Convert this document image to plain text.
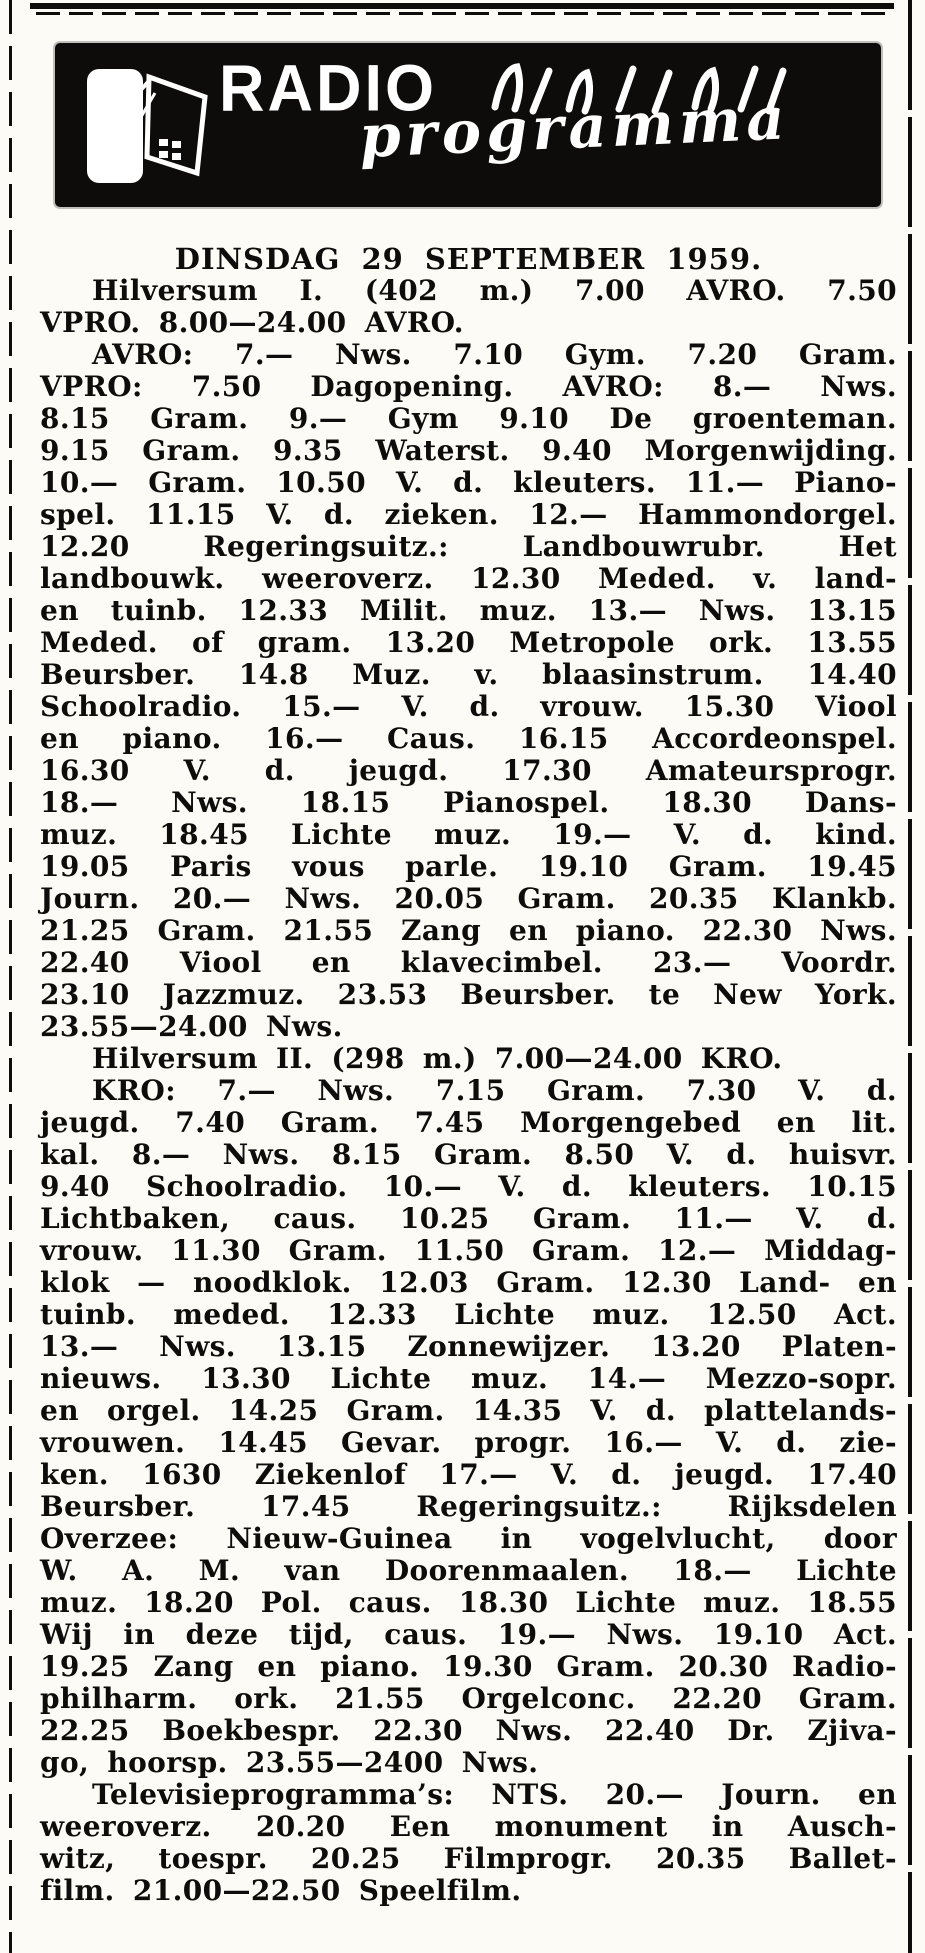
RADIO
programma
DINSDAG 29 SEPTEMBER 1959.
Hilversum I. (402 m.) 7.00 AVRO. 7.50
VPRO. 8.00—24.00 AVRO.
AVRO: 7.— Nws. 7.10 Gym. 7.20 Gram.
VPRO: 7.50 Dagopening. AVRO: 8.— Nws.
8.15 Gram. 9.— Gym 9.10 De groenteman.
9.15 Gram. 9.35 Waterst. 9.40 Morgenwijding.
10.— Gram. 10.50 V. d. kleuters. 11.— Piano-
spel. 11.15 V. d. zieken. 12.— Hammondorgel.
12.20 Regeringsuitz.: Landbouwrubr. Het
landbouwk. weeroverz. 12.30 Meded. v. land-
en tuinb. 12.33 Milit. muz. 13.— Nws. 13.15
Meded. of gram. 13.20 Metropole ork. 13.55
Beursber. 14.8 Muz. v. blaasinstrum. 14.40
Schoolradio. 15.— V. d. vrouw. 15.30 Viool
en piano. 16.— Caus. 16.15 Accordeonspel.
16.30 V. d. jeugd. 17.30 Amateursprogr.
18.— Nws. 18.15 Pianospel. 18.30 Dans-
muz. 18.45 Lichte muz. 19.— V. d. kind.
19.05 Paris vous parle. 19.10 Gram. 19.45
Journ. 20.— Nws. 20.05 Gram. 20.35 Klankb.
21.25 Gram. 21.55 Zang en piano. 22.30 Nws.
22.40 Viool en klavecimbel. 23.— Voordr.
23.10 Jazzmuz. 23.53 Beursber. te New York.
23.55—24.00 Nws.
Hilversum II. (298 m.) 7.00—24.00 KRO.
KRO: 7.— Nws. 7.15 Gram. 7.30 V. d.
jeugd. 7.40 Gram. 7.45 Morgengebed en lit.
kal. 8.— Nws. 8.15 Gram. 8.50 V. d. huisvr.
9.40 Schoolradio. 10.— V. d. kleuters. 10.15
Lichtbaken, caus. 10.25 Gram. 11.— V. d.
vrouw. 11.30 Gram. 11.50 Gram. 12.— Middag-
klok — noodklok. 12.03 Gram. 12.30 Land- en
tuinb. meded. 12.33 Lichte muz. 12.50 Act.
13.— Nws. 13.15 Zonnewijzer. 13.20 Platen-
nieuws. 13.30 Lichte muz. 14.— Mezzo-sopr.
en orgel. 14.25 Gram. 14.35 V. d. plattelands-
vrouwen. 14.45 Gevar. progr. 16.— V. d. zie-
ken. 1630 Ziekenlof 17.— V. d. jeugd. 17.40
Beursber. 17.45 Regeringsuitz.: Rijksdelen
Overzee: Nieuw-Guinea in vogelvlucht, door
W. A. M. van Doorenmaalen. 18.— Lichte
muz. 18.20 Pol. caus. 18.30 Lichte muz. 18.55
Wij in deze tijd, caus. 19.— Nws. 19.10 Act.
19.25 Zang en piano. 19.30 Gram. 20.30 Radio-
philharm. ork. 21.55 Orgelconc. 22.20 Gram.
22.25 Boekbespr. 22.30 Nws. 22.40 Dr. Zjiva-
go, hoorsp. 23.55—2400 Nws.
Televisieprogramma’s: NTS. 20.— Journ. en
weeroverz. 20.20 Een monument in Ausch-
witz, toespr. 20.25 Filmprogr. 20.35 Ballet-
film. 21.00—22.50 Speelfilm.
